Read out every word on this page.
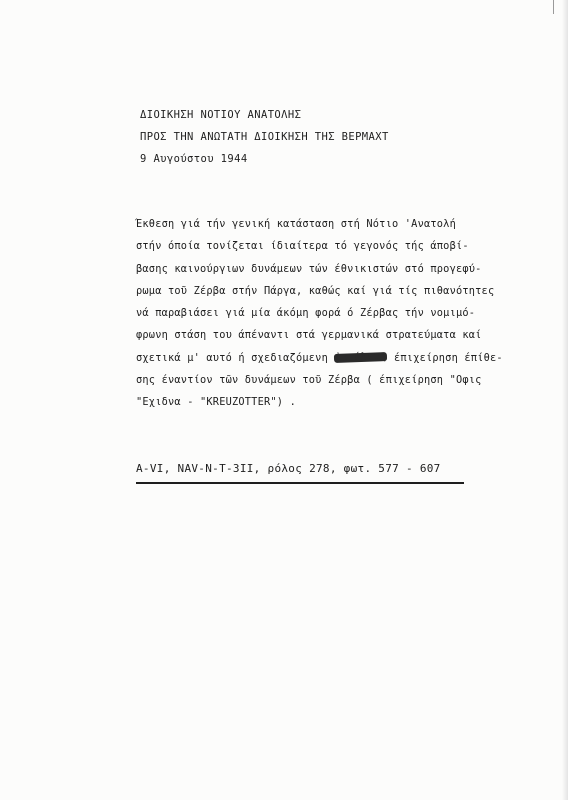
ΔΙΟΙΚΗΣΗ ΝΟΤΙΟΥ ΑΝΑΤΟΛΗΣ
ΠΡΟΣ ΤΗΝ ΑΝΩΤΑΤΗ ΔΙΟΙΚΗΣΗ ΤΗΣ ΒΕΡΜΑΧΤ
9 Αυγούστου 1944
Έκθεση γιά τήν γενική κατάσταση στή Νότιο 'Ανατολή
στήν όποία τονίζεται ίδιαίτερα τό γεγονός τής άποβί-
βασης καινούργιων δυνάμεων τών έθνικιστών στό προγεφύ-
ρωμα τοῦ Ζέρβα στήν Πάργα, καθώς καί γιά τίς πιθανότητες
νά παραβιάσει γιά μία άκόμη φορά ό Ζέρβας τήν νομιμό-
φρωνη στάση του άπέναντι στά γερμανικά στρατεύματα καί
σχετικά μ' αυτό ή σχεδιαζόμενη ἐκτέλεση έπιχείρηση έπίθε-
σης έναντίον τῶν δυνάμεων τοῦ Ζέρβα ( έπιχείρηση "Οφις
"Εχιδνα - "KREUZOTTER") .
A-VI, NAV-N-T-3II, ρόλος 278, φωτ. 577 - 607
